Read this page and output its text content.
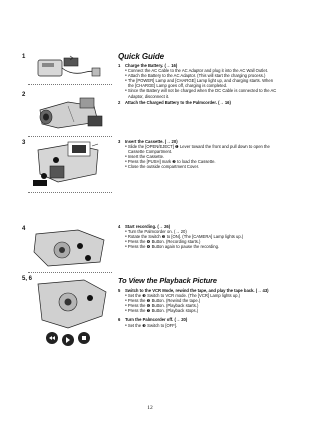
1
2
3
4
5, 6
Quick Guide
1 Charge the Battery. (→ 16)
● Connect the AC Cable to the AC Adaptor and plug it into the AC Wall Outlet.
● Attach the Battery to the AC Adaptor. (This will start the charging process.)
● The [POWER] Lamp and [CHARGE] Lamp light up, and charging starts. When the [CHARGE] Lamp goes off, charging is completed.
● Since the Battery will not be charged when the DC Cable is connected to the AC Adaptor, disconnect it.
2 Attach the Charged Battery to the Palmcorder. (→ 16)
3 Insert the Cassette. (→ 20)
● Slide the [OPEN/EJECT] ❶ Lever toward the front and pull down to open the Cassette Compartment.
● Insert the Cassette.
● Press the [PUSH] mark ❷ to load the Cassette.
● Close the outside compartment Cover.
4 Start recording. (→ 26)
● Turn the Palmcorder on. (→ 20)
● Rotate the Switch ❸ to [ON]. (The [CAMERA] Lamp lights up.)
● Press the ❹ Button. (Recording starts.)
● Press the ❹ Button again to pause the recording.
To View the Playback Picture
5 Switch to the VCR Mode, rewind the tape, and play the tape back. (→ 43)
● Set the ❸ Switch to VCR mode. (The [VCR] Lamp lights up.)
● Press the ❺ Button. (Rewind the tape.)
● Press the ❻ Button. (Playback starts.)
● Press the ❼ Button. (Playback stops.)
6 Turn the Palmcorder off. (→ 20)
● Set the ❸ Switch to [OFF].
12
